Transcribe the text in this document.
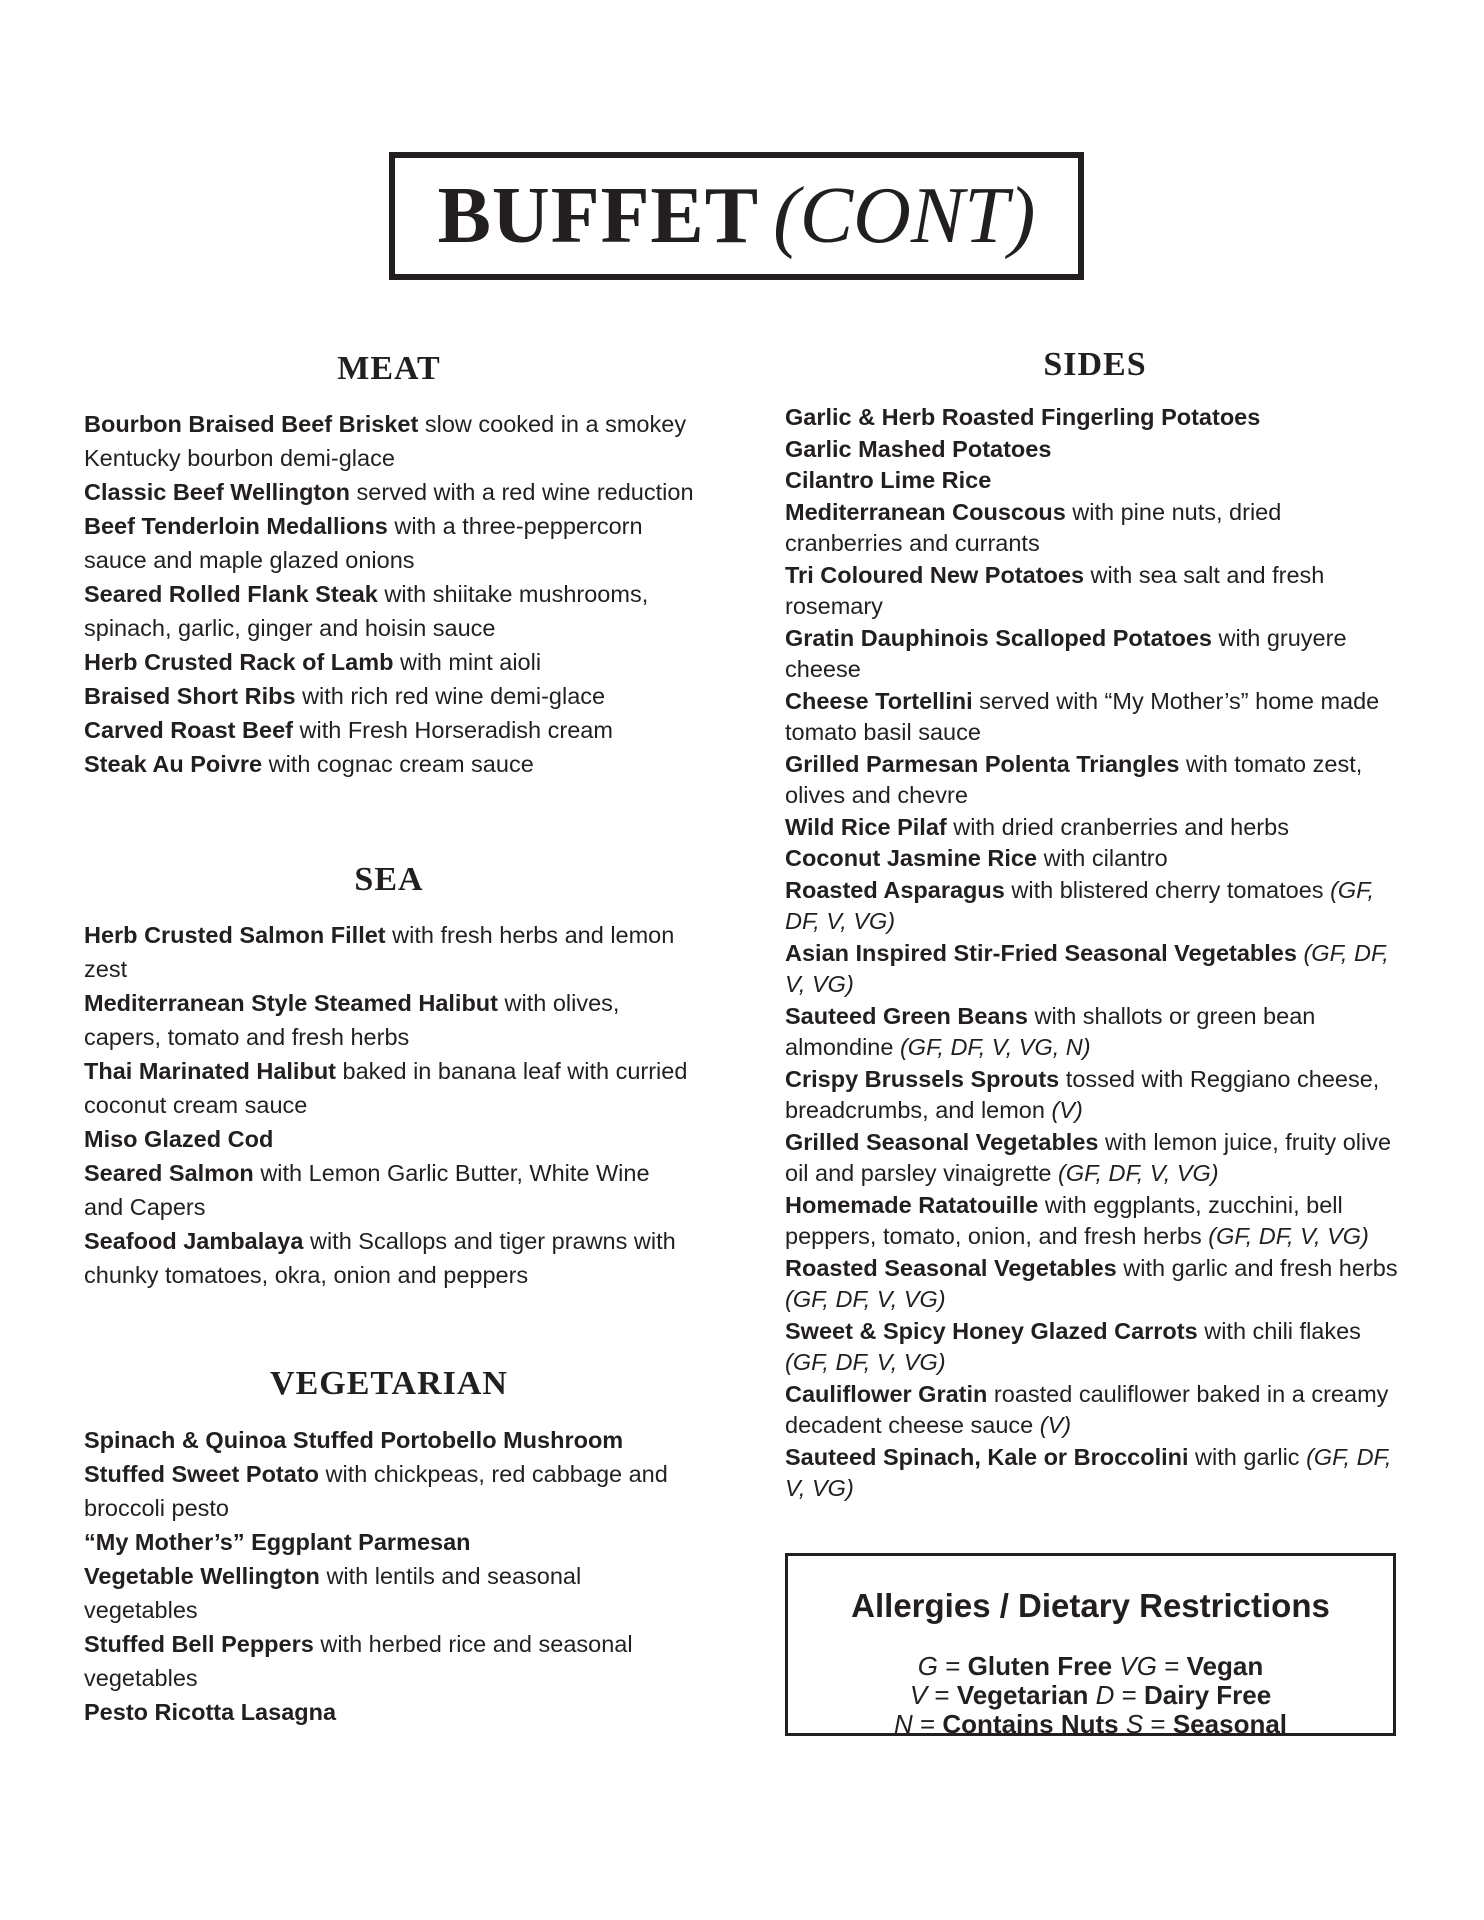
BUFFET (CONT)
MEAT
Bourbon Braised Beef Brisket slow cooked in a smokey Kentucky bourbon demi-glace
Classic Beef Wellington served with a red wine reduction
Beef Tenderloin Medallions with a three-peppercorn sauce and maple glazed onions
Seared Rolled Flank Steak with shiitake mushrooms, spinach, garlic, ginger and hoisin sauce
Herb Crusted Rack of Lamb with mint aioli
Braised Short Ribs with rich red wine demi-glace
Carved Roast Beef with Fresh Horseradish cream
Steak Au Poivre with cognac cream sauce
SEA
Herb Crusted Salmon Fillet with fresh herbs and lemon zest
Mediterranean Style Steamed Halibut with olives, capers, tomato and fresh herbs
Thai Marinated Halibut baked in banana leaf with curried coconut cream sauce
Miso Glazed Cod
Seared Salmon with Lemon Garlic Butter, White Wine and Capers
Seafood Jambalaya with Scallops and tiger prawns with chunky tomatoes, okra, onion and peppers
VEGETARIAN
Spinach & Quinoa Stuffed Portobello Mushroom
Stuffed Sweet Potato with chickpeas, red cabbage and broccoli pesto
“My Mother’s” Eggplant Parmesan
Vegetable Wellington with lentils and seasonal vegetables
Stuffed Bell Peppers with herbed rice and seasonal vegetables
Pesto Ricotta Lasagna
SIDES
Garlic & Herb Roasted Fingerling Potatoes
Garlic Mashed Potatoes
Cilantro Lime Rice
Mediterranean Couscous with pine nuts, dried cranberries and currants
Tri Coloured New Potatoes with sea salt and fresh rosemary
Gratin Dauphinois Scalloped Potatoes with gruyere cheese
Cheese Tortellini served with “My Mother’s” home made tomato basil sauce
Grilled Parmesan Polenta Triangles with tomato zest, olives and chevre
Wild Rice Pilaf with dried cranberries and herbs
Coconut Jasmine Rice with cilantro
Roasted Asparagus with blistered cherry tomatoes (GF, DF, V, VG)
Asian Inspired Stir-Fried Seasonal Vegetables (GF, DF, V, VG)
Sauteed Green Beans with shallots or green bean almondine (GF, DF, V, VG, N)
Crispy Brussels Sprouts tossed with Reggiano cheese, breadcrumbs, and lemon (V)
Grilled Seasonal Vegetables with lemon juice, fruity olive oil and parsley vinaigrette (GF, DF, V, VG)
Homemade Ratatouille with eggplants, zucchini, bell peppers, tomato, onion, and fresh herbs (GF, DF, V, VG)
Roasted Seasonal Vegetables with garlic and fresh herbs (GF, DF, V, VG)
Sweet & Spicy Honey Glazed Carrots with chili flakes (GF, DF, V, VG)
Cauliflower Gratin roasted cauliflower baked in a creamy decadent cheese sauce (V)
Sauteed Spinach, Kale or Broccolini with garlic (GF, DF, V, VG)
Allergies / Dietary Restrictions
G = Gluten Free VG = Vegan
V = Vegetarian D = Dairy Free
N = Contains Nuts S = Seasonal
